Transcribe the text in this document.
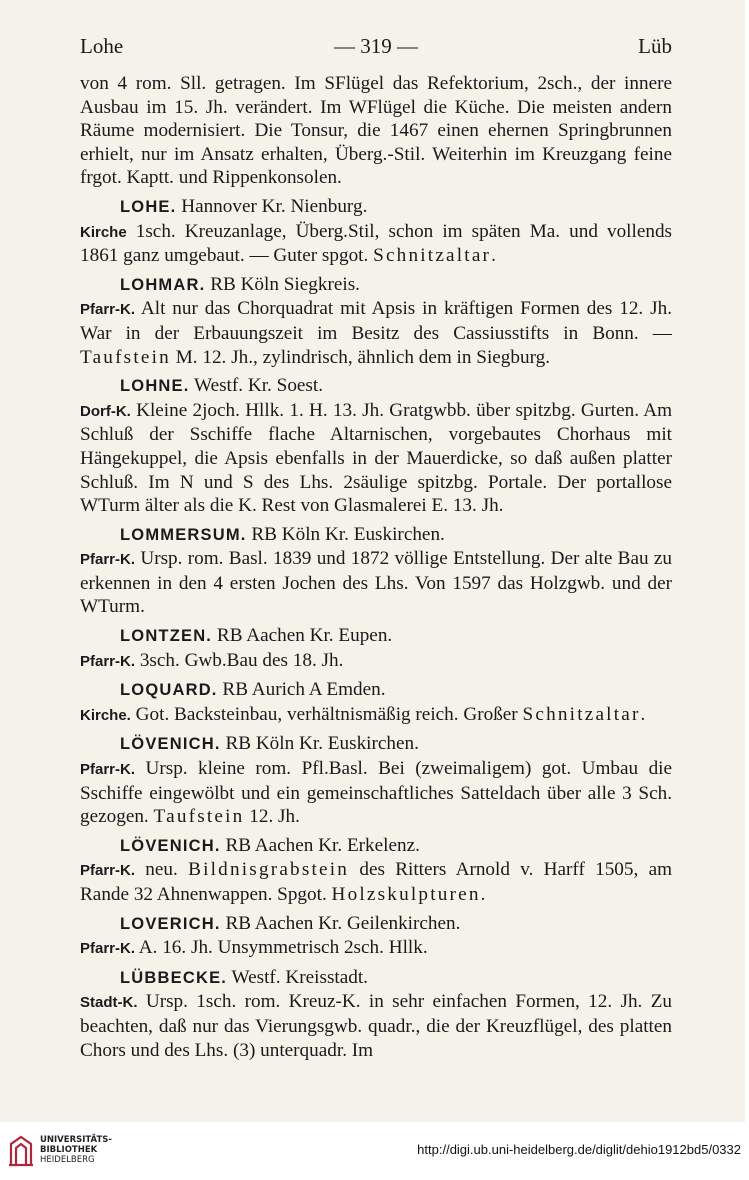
Lohe	— 319 —	Lüb

von 4 rom. Sll. getragen. Im SFlügel das Refektorium, 2sch., der innere Ausbau im 15. Jh. verändert. Im WFlügel die Küche. Die meisten andern Räume modernisiert. Die Tonsur, die 1467 einen ehernen Springbrunnen erhielt, nur im Ansatz erhalten, Überg.-Stil. Weiterhin im Kreuzgang feine frgot. Kaptt. und Rippenkonsolen.

LOHE. Hannover Kr. Nienburg.

Kirche 1sch. Kreuzanlage, Überg.Stil, schon im späten Ma. und vollends 1861 ganz umgebaut. — Guter spgot. Schnitzaltar.

LOHMAR. RB Köln Siegkreis.

Pfarr-K. Alt nur das Chorquadrat mit Apsis in kräftigen Formen des 12. Jh. War in der Erbauungszeit im Besitz des Cassiusstifts in Bonn. — Taufstein M. 12. Jh., zylindrisch, ähnlich dem in Siegburg.

LOHNE. Westf. Kr. Soest.

Dorf-K. Kleine 2joch. Hllk. 1. H. 13. Jh. Gratgwbb. über spitzbg. Gurten. Am Schluß der Sschiffe flache Altarnischen, vorgebautes Chorhaus mit Hängekuppel, die Apsis ebenfalls in der Mauerdicke, so daß außen platter Schluß. Im N und S des Lhs. 2säulige spitzbg. Portale. Der portallose WTurm älter als die K. Rest von Glasmalerei E. 13. Jh.

LOMMERSUM. RB Köln Kr. Euskirchen.

Pfarr-K. Ursp. rom. Basl. 1839 und 1872 völlige Entstellung. Der alte Bau zu erkennen in den 4 ersten Jochen des Lhs. Von 1597 das Holzgwb. und der WTurm.

LONTZEN. RB Aachen Kr. Eupen.

Pfarr-K. 3sch. Gwb.Bau des 18. Jh.

LOQUARD. RB Aurich A Emden.

Kirche. Got. Backsteinbau, verhältnismäßig reich. Großer Schnitzaltar.

LÖVENICH. RB Köln Kr. Euskirchen.

Pfarr-K. Ursp. kleine rom. Pfl.Basl. Bei (zweimaligem) got. Umbau die Sschiffe eingewölbt und ein gemeinschaftliches Satteldach über alle 3 Sch. gezogen. Taufstein 12. Jh.

LÖVENICH. RB Aachen Kr. Erkelenz.

Pfarr-K. neu. Bildnisgrabstein des Ritters Arnold v. Harff 1505, am Rande 32 Ahnenwappen. Spgot. Holzskulpturen.

LOVERICH. RB Aachen Kr. Geilenkirchen.

Pfarr-K. A. 16. Jh. Unsymmetrisch 2sch. Hllk.

LÜBBECKE. Westf. Kreisstadt.

Stadt-K. Ursp. 1sch. rom. Kreuz-K. in sehr einfachen Formen, 12. Jh. Zu beachten, daß nur das Vierungsgwb. quadr., die der Kreuzflügel, des platten Chors und des Lhs. (3) unterquadr. Im

UNIVERSITÄTS-
BIBLIOTHEK
HEIDELBERG
http://digi.ub.uni-heidelberg.de/diglit/dehio1912bd5/0332
